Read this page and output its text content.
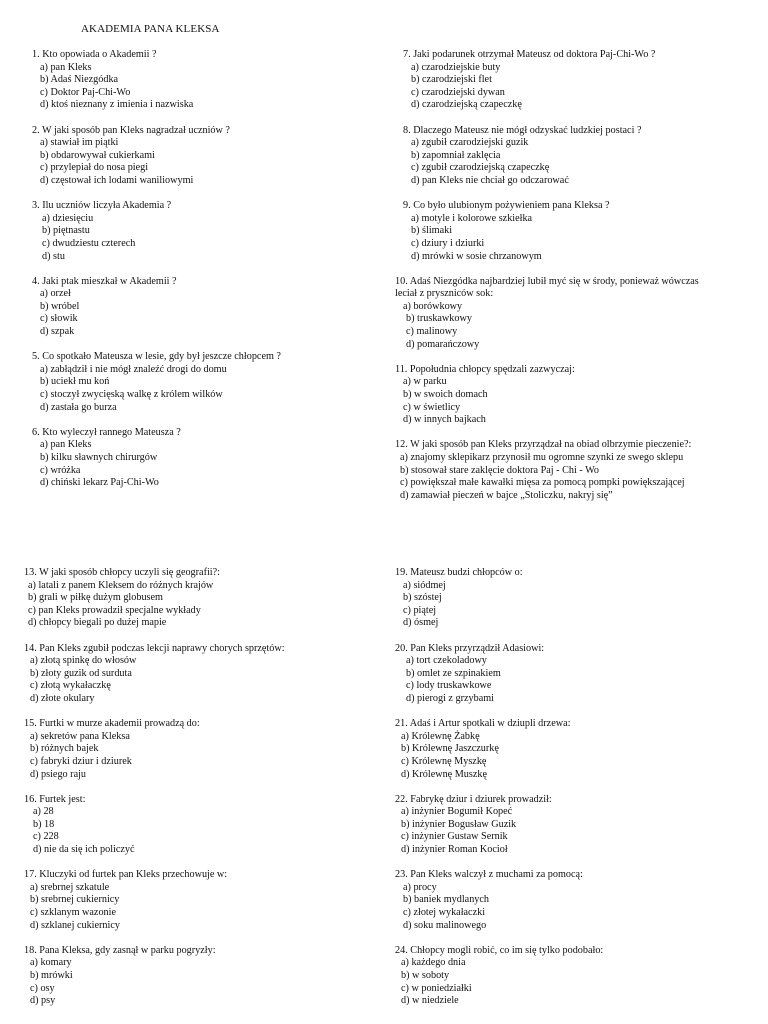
AKADEMIA PANA KLEKSA
1. Kto opowiada o Akademii ?
a) pan Kleks
b) Adaś Niezgódka
c) Doktor Paj-Chi-Wo
d) ktoś nieznany z imienia i nazwiska
2. W jaki sposób pan Kleks nagradzał uczniów ?
a) stawiał im piątki
b) obdarowywał cukierkami
c) przylepiał do nosa piegi
d) częstował ich lodami waniliowymi
3. Ilu uczniów liczyła Akademia ?
a) dziesięciu
b) piętnastu
c) dwudziestu czterech
d) stu
4. Jaki ptak mieszkał w Akademii ?
a) orzeł
b) wróbel
c) słowik
d) szpak
5. Co spotkało Mateusza w lesie, gdy był jeszcze chłopcem ?
a) zabłądził i nie mógł znaleźć drogi do domu
b) uciekł mu koń
c) stoczył zwycięską walkę z królem wilków
d) zastała go burza
6. Kto wyleczył rannego Mateusza ?
a) pan Kleks
b) kilku sławnych chirurgów
c) wróżka
d) chiński lekarz Paj-Chi-Wo
7. Jaki podarunek otrzymał Mateusz od doktora Paj-Chi-Wo ?
a) czarodziejskie buty
b) czarodziejski flet
c) czarodziejski dywan
d) czarodziejską czapeczkę
8. Dlaczego Mateusz nie mógł odzyskać ludzkiej postaci ?
a) zgubił czarodziejski guzik
b) zapomniał zaklęcia
c) zgubił czarodziejską czapeczkę
d) pan Kleks nie chciał go odczarować
9. Co było ulubionym pożywieniem pana Kleksa ?
a) motyle i kolorowe szkiełka
b) ślimaki
c) dziury i dziurki
d) mrówki w sosie chrzanowym
10. Adaś Niezgódka najbardziej lubił myć się w środy, ponieważ wówczas
leciał z pryszniców sok:
a) borówkowy
b) truskawkowy
c) malinowy
d) pomarańczowy
11. Popołudnia chłopcy spędzali zazwyczaj:
a) w parku
b) w swoich domach
c) w świetlicy
d) w innych bajkach
12. W jaki sposób pan Kleks przyrządzał na obiad olbrzymie pieczenie?:
a) znajomy sklepikarz przynosił mu ogromne szynki ze swego sklepu
b) stosował stare zaklęcie doktora Paj - Chi - Wo
c) powiększał małe kawałki mięsa za pomocą pompki powiększającej
d) zamawiał pieczeń w bajce „Stoliczku, nakryj się”
13. W jaki sposób chłopcy uczyli się geografii?:
a) latali z panem Kleksem do różnych krajów
b) grali w piłkę dużym globusem
c) pan Kleks prowadził specjalne wykłady
d) chłopcy biegali po dużej mapie
14. Pan Kleks zgubił podczas lekcji naprawy chorych sprzętów:
a) złotą spinkę do włosów
b) złoty guzik od surduta
c) złotą wykałaczkę
d) złote okulary
15. Furtki w murze akademii prowadzą do:
a) sekretów pana Kleksa
b) różnych bajek
c) fabryki dziur i dziurek
d) psiego raju
16. Furtek jest:
a) 28
b) 18
c) 228
d) nie da się ich policzyć
17. Kluczyki od furtek pan Kleks przechowuje w:
a) srebrnej szkatule
b) srebrnej cukiernicy
c) szklanym wazonie
d) szklanej cukiernicy
18. Pana Kleksa, gdy zasnął w parku pogryzły:
a) komary
b) mrówki
c) osy
d) psy
19. Mateusz budzi chłopców o:
a) siódmej
b) szóstej
c) piątej
d) ósmej
20. Pan Kleks przyrządził Adasiowi:
a) tort czekoladowy
b) omlet ze szpinakiem
c) lody truskawkowe
d) pierogi z grzybami
21. Adaś i Artur spotkali w dziupli drzewa:
a) Królewnę Żabkę
b) Królewnę Jaszczurkę
c) Królewnę Myszkę
d) Królewnę Muszkę
22. Fabrykę dziur i dziurek prowadził:
a) inżynier Bogumił Kopeć
b) inżynier Bogusław Guzik
c) inżynier Gustaw Sernik
d) inżynier Roman Kocioł
23. Pan Kleks walczył z muchami za pomocą:
a) procy
b) baniek mydlanych
c) złotej wykałaczki
d) soku malinowego
24. Chłopcy mogli robić, co im się tylko podobało:
a) każdego dnia
b) w soboty
c) w poniedziałki
d) w niedziele
